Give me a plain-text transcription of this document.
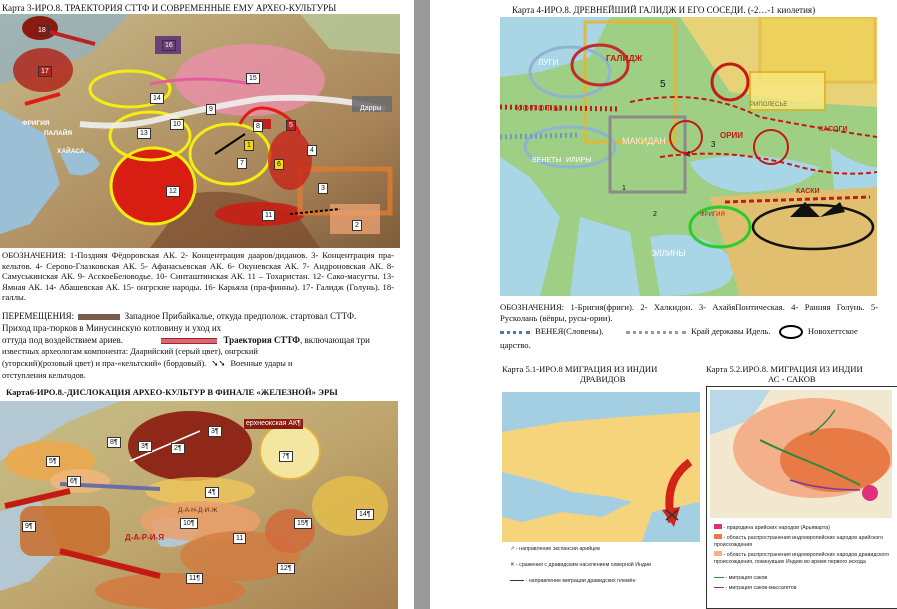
Карта 3-ИРО.8. ТРАЕКТОРИЯ СТТФ И СОВРЕМЕННЫЕ ЕМУ АРХЕО-КУЛЬТУРЫ
18
17
16
15
14
13
12
11
10
9
8
7	6
5
4
3
2
1
ФРИГИЯ
ПАЛАЙЯ
ХАЙАСА
Дарры
ОБОЗНАЧЕНИЯ: 1-Поздняя Фёдоровская АК. 2- Концентрация дааров/диданов. 3- Концентрация пра-кельтов. 4- Серово-Глазковская АК. 5- Афанасьевская АК. 6- Окуневская АК. 7- Андроновская АК. 8- Самуськинская АК. 9- АсскоеБеловодье. 10- Синташтинская АК. 11 – Тохаристан. 12- Сако-масугты. 13- Ямная АК. 14- Абашевская АК. 15- онгрские народы. 16- Карьяла (пра-финны). 17- Галидж (Голунь). 18- галлы.
ПЕРЕМЕЩЕНИЯ:	Западное Прибайкалье, откуда предполож. стартовал СТТФ.
Приход пра-тюрков в Минусинскую котловину и уход их
оттуда под воздействием ариев.	Траектория СТТФ, включающая три
известных археологам компонента: Даарийский (серый цвет), онгрский
(угорский)(розовый цвет) и пра-«кельтский» (бордовый). ➘➘ Военные удары и
отступления кельтодов.
Карта6-ИРО.8.-ДИСЛОКАЦИЯ АРХЕО-КУЛЬТУР В ФИНАЛЕ «ЖЕЛЕЗНОЙ» ЭРЫ
8¶
3¶	2¶
3¶
7¶
5¶
6¶
4¶
10¶
9¶	15¶
14¶
11
12¶
11¶
ерхнеокская АК¶
Д-А-Н-Д-И-Ж
Д-А-Р-И-Я
Карта 4-ИРО.8. ДРЕВНЕЙШИЙ ГАЛИДЖ И ЕГО СОСЕДИ. (-2…-1 киолетия)
ГАЛИДЖ
ЛУГИ
КОЛОТЫ
ВЕНЕТЫ ИЛИРЫ
МАКИДАН
ЭЛЛИНЫ
ОРИИ
КАСОГИ
КАСКИ
ФРИГИЯ
РИПОЛЕСЬЕ
5
4
3
2
1
ОБОЗНАЧЕНИЯ: 1-Бригия(фриги). 2- Халкидон. 3- АхайяПонтическая. 4- Ранняя Голунь. 5- Русколань (вёвры, русы-ории).
ВЕНЕЯ(Словены).	Край державы Идель.	Новохеттское
царство.
Карта 5.1-ИРО.8 МИГРАЦИЯ ИЗ ИНДИИ
ДРАВИДОВ
↗ - направление экспансии арийцев
✕ - сражения с дравидским населением северной Индии
- направление миграции дравидских племён
Карта 5.2.ИРО.8. МИГРАЦИЯ ИЗ ИНДИИ
АС - САКОВ
- прародина арийских народов (Арьяварта)
- область распространения индоевропейских народов арийского происхождения
- область распространения индоевропейских народов дравидского происхождения, покинувших Индию во время первого исхода
- миграция саков
- миграция саков-массагетов
